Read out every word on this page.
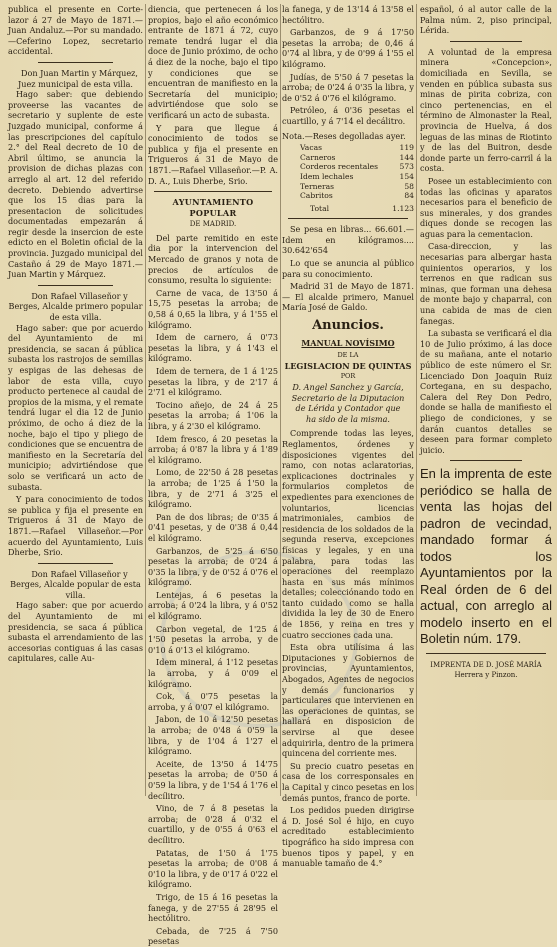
publica el presente en Corte-lazor á 27 de Mayo de 1871.—Juan Andaluz.—Por su mandado.—Ceferino Lopez, secretario accidental.

Don Juan Martin y Márquez, Juez municipal de esta villa.

Hago saber: que debiendo proveerse las vacantes de secretario y suplente de este Juzgado municipal, conforme á las prescripciones del capítulo 2.° del Real decreto de 10 de Abril último, se anuncia la provision de dichas plazas con arreglo al art. 12 del referido decreto. Debiendo advertirse que los 15 dias para la presentacion de solicitudes documentadas empezarán á regir desde la insercion de este edicto en el Boletin oficial de la provincia. Juzgado municipal del Castaño á 29 de Mayo 1871.—Juan Martin y Márquez.

Don Rafael Villaseñor y Berges, Alcalde primero popular de esta villa.

Hago saber: que por acuerdo del Ayuntamiento de mi presidencia, se sacan á pública subasta los rastrojos de semillas y espigas de las dehesas de labor de esta villa, cuyo producto pertenece al caudal de propios de la misma, y el remate tendrá lugar el dia 12 de Junio próximo, de ocho á diez de la noche, bajo el tipo y pliego de condiciones que se encuentra de manifiesto en la Secretaría del municipio; advirtiéndose que solo se verificará un acto de subasta.

Y para conocimiento de todos se publica y fija el presente en Trigueros á 31 de Mayo de 1871.—Rafael Villaseñor.—Por acuerdo del Ayuntamiento, Luis Dherbe, Srio.

Don Rafael Villaseñor y Berges, Alcalde popular de esta villa.

Hago saber: que por acuerdo del Ayuntamiento de mi presidencia, se saca á pública subasta el arrendamiento de las accesorias contiguas á las casas capitulares, calle Au-

diencia, que pertenecen á los propios, bajo el año económico entrante de 1871 á 72, cuyo remate tendrá lugar el dia doce de Junio próximo, de ocho á diez de la noche, bajo el tipo y condiciones que se encuentran de manifiesto en la Secretaría del municipio; advirtiéndose que solo se verificará un acto de subasta.

Y para que llegue á conocimiento de todos se publica y fija el presente en Trigueros á 31 de Mayo de 1871.—Rafael Villaseñor.—P. A. D. A., Luis Dherbe, Srio.

AYUNTAMIENTO POPULAR
DE MADRID.

Del parte remitido en este dia por la intervencion del Mercado de granos y nota de precios de artículos de consumo, resulta lo siguiente:

Carne de vaca, de 13'50 á 15,75 pesetas la arroba; de 0,58 á 0,65 la libra, y á 1'55 el kilógramo.

Idem de carnero, á 0'73 pesetas la libra, y á 1'43 el kilógramo.

Idem de ternera, de 1 á 1'25 pesetas la libra, y de 2'17 á 2'71 el kilógramo.

Tocino añejo, de 24 á 25 pesetas la arroba; á 1'06 la libra, y á 2'30 el kilógramo.

Idem fresco, á 20 pesetas la arroba; á 0'87 la libra y á 1'89 el kilógramo.

Lomo, de 22'50 á 28 pesetas la arroba; de 1'25 á 1'50 la libra, y de 2'71 á 3'25 el kilógramo.

Pan de dos libras; de 0'35 á 0'41 pesetas, y de 0'38 á 0,44 el kilógramo.

Garbanzos, de 5'25 á 6'50 pesetas la arroba; de 0'24 á 0'35 la libra, y de 0'52 á 0'76 el kilógramo.

Lentejas, á 6 pesetas la arroba; á 0'24 la libra, y á 0'52 el kilógramo.

Carbon vegetal, de 1'25 á 1'50 pesetas la arroba, y de 0'10 á 0'13 el kilógramo.

Idem mineral, á 1'12 pesetas la arroba, y á 0'09 el kilógramo.

Cok, á 0'75 pesetas la arroba, y á 0'07 el kilógramo.

Jabon, de 10 á 12'50 pesetas la arroba; de 0'48 á 0'59 la libra, y de 1'04 á 1'27 el kilógramo.

Aceite, de 13'50 á 14'75 pesetas la arroba; de 0'50 á 0'59 la libra, y de 1'54 á 1'76 el decílitro.

Vino, de 7 á 8 pesetas la arroba; de 0'28 á 0'32 el cuartillo, y de 0'55 á 0'63 el decílitro.

Patatas, de 1'50 á 1'75 pesetas la arroba; de 0'08 á 0'10 la libra, y de 0'17 á 0'22 el kilógramo.

Trigo, de 15 á 16 pesetas la fanega, y de 27'55 á 28'95 el hectólitro.

Cebada, de 7'25 á 7'50 pesetas

la fanega, y de 13'14 á 13'58 el hectólitro.

Garbanzos, de 9 á 17'50 pesetas la arroba; de 0,46 á 0'74 al libra, y de 0'99 á 1'55 el kilógramo.

Judías, de 5'50 á 7 pesetas la arroba; de 0'24 á 0'35 la libra, y de 0'52 á 0'76 el kilógramo.

Petróleo, á 0'36 pesetas el cuartillo, y á 7'14 el decálitro.

Nota.—Reses degolladas ayer.

Vacas	119
Carneros	144
Corderos recentales	573
Idem lechales	154
Terneras	58
Cabritos	84
Total	1.123

Se pesa en libras... 66.601.— Idem en kilógramos.... 30.642'654

Lo que se anuncia al público para su conocimiento.

Madrid 31 de Mayo de 1871.— El alcalde primero, Manuel María José de Galdo.

Anuncios.
MANUAL NOVÍSIMO
DE LA
LEGISLACION DE QUINTAS
POR
D. Angel Sanchez y García,
Secretario de la Diputacion de Lérida y Contador que ha sido de la misma.

Comprende todas las leyes, Reglamentos, órdenes y disposiciones vigentes del ramo, con notas aclaratorias, explicaciones doctrinales y formularios completos de expedientes para exenciones de voluntarios, licencias matrimoniales, cambios de residencia de los soldados de la segunda reserva, excepciones físicas y legales, y en una palabra, para todas las operaciones del reemplazo hasta en sus más mínimos detalles; colecciónando todo en tanto cuidado como se halla dividida la ley de 30 de Enero de 1856, y reina en tres y cuatro secciones cada una.

Esta obra utilísima á las Diputaciones y Gobiernos de provincias, Ayuntamientos, Abogados, Agentes de negocios y demás funcionarios y particulares que intervienen en las operaciones de quintas, se hallará en disposicion de servirse al que desee adquirirla, dentro de la primera quincena del corriente mes.

Su precio cuatro pesetas en casa de los corresponsales en la Capital y cinco pesetas en los demás puntos, franco de porte.

Los pedidos pueden dirigirse á D. José Sol é hijo, en cuyo acreditado establecimiento tipográfico ha sido impresa con buenos tipos y papel, y en manuable tamaño de 4.°

español, ó al autor calle de la Palma núm. 2, piso principal, Lérida.

A voluntad de la empresa minera «Concepcion», domiciliada en Sevilla, se venden en pública subasta sus minas de pirita cobriza, con cinco pertenencias, en el término de Almonaster la Real, provincia de Huelva, á dos leguas de las minas de Riotinto y de las del Buitron, desde donde parte un ferro-carril á la costa.

Posee un establecimiento con todas las oficinas y aparatos necesarios para el beneficio de sus minerales, y dos grandes diques donde se recogen las aguas para la cementacion.

Casa-direccion, y las necesarias para albergar hasta quinientos operarios, y los terrenos en que radican sus minas, que forman una dehesa de monte bajo y chaparral, con una cabida de mas de cien fanegas.

La subasta se verificará el dia 10 de Julio próximo, á las doce de su mañana, ante el notario público de este número el Sr. Licenciado Don Joaquin Ruiz Cortegana, en su despacho, Calera del Rey Don Pedro, donde se halla de manifiesto el pliego de condiciones, y se darán cuantos detalles se deseen para formar completo juicio.

En la imprenta de este periódico se halla de venta las hojas del padron de vecindad, mandado formar á todos los Ayuntamientos por la Real órden de 6 del actual, con arreglo al modelo inserto en el Boletin núm. 179.
IMPRENTA DE D. JOSÉ MARÍA Herrera y Pinzon.
